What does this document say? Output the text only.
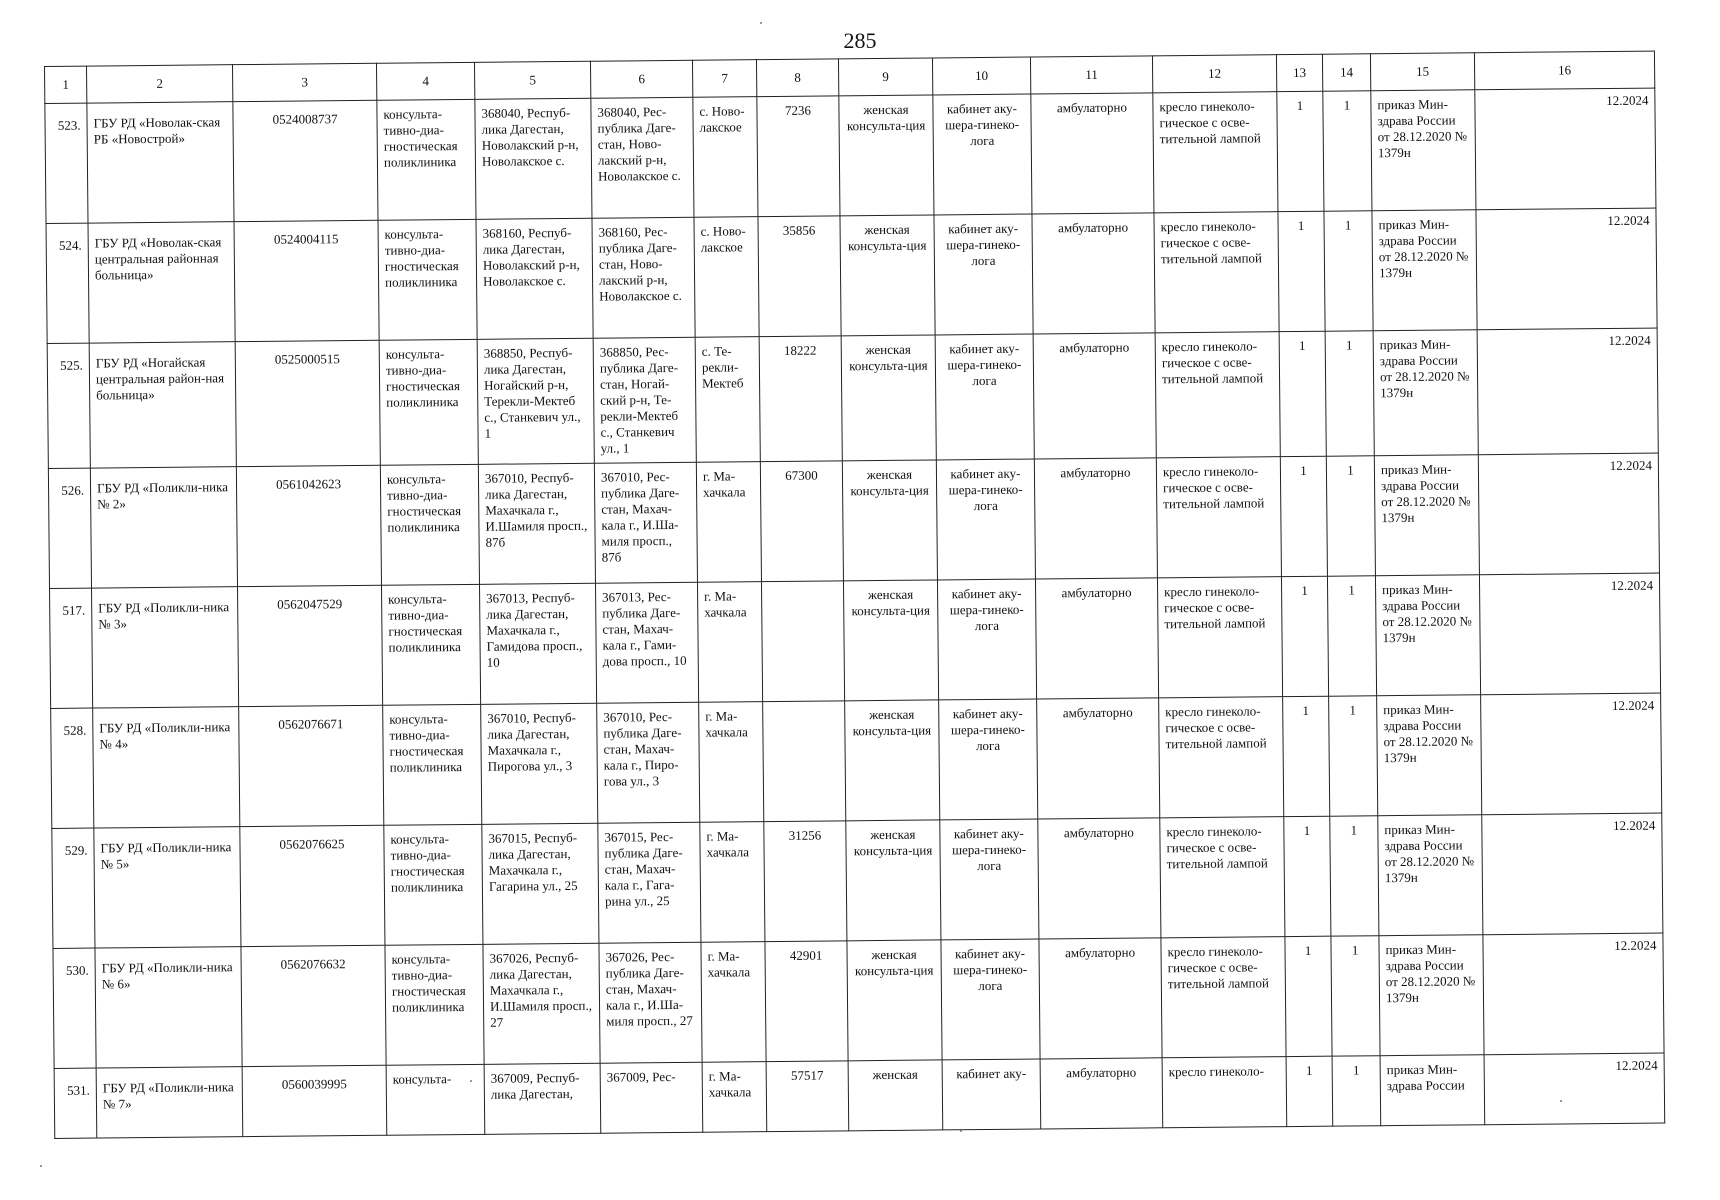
285
1	2	3	4	5	6	7	8	9	10	11	12	13	14	15	16
523.	ГБУ РД «Новолак-ская РБ «Новострой»	0524008737	консульта-тивно-диа-гностическая поликлиника	368040, Респуб-лика Дагестан, Новолакский р-н, Новолакское с.	368040, Рес-публика Даге-стан, Ново-лакский р-н, Новолакское с.	с. Ново-лакское	7236	женская консульта-ция	кабинет аку-шера-гинеко-лога	амбулаторно	кресло гинеколо-гическое с осве-тительной лампой	1	1	приказ Мин-здрава России от 28.12.2020 № 1379н	12.2024
524.	ГБУ РД «Новолак-ская центральная районная больница»	0524004115	консульта-тивно-диа-гностическая поликлиника	368160, Респуб-лика Дагестан, Новолакский р-н, Новолакское с.	368160, Рес-публика Даге-стан, Ново-лакский р-н, Новолакское с.	с. Ново-лакское	35856	женская консульта-ция	кабинет аку-шера-гинеко-лога	амбулаторно	кресло гинеколо-гическое с осве-тительной лампой	1	1	приказ Мин-здрава России от 28.12.2020 № 1379н	12.2024
525.	ГБУ РД «Ногайская центральная район-ная больница»	0525000515	консульта-тивно-диа-гностическая поликлиника	368850, Респуб-лика Дагестан, Ногайский р-н, Терекли-Мектеб с., Станкевич ул., 1	368850, Рес-публика Даге-стан, Ногай-ский р-н, Те-рекли-Мектеб с., Станкевич ул., 1	с. Те-рекли-Мектеб	18222	женская консульта-ция	кабинет аку-шера-гинеко-лога	амбулаторно	кресло гинеколо-гическое с осве-тительной лампой	1	1	приказ Мин-здрава России от 28.12.2020 № 1379н	12.2024
526.	ГБУ РД «Поликли-ника № 2»	0561042623	консульта-тивно-диа-гностическая поликлиника	367010, Респуб-лика Дагестан, Махачкала г., И.Шамиля просп., 87б	367010, Рес-публика Даге-стан, Махач-кала г., И.Ша-миля просп., 87б	г. Ма-хачкала	67300	женская консульта-ция	кабинет аку-шера-гинеко-лога	амбулаторно	кресло гинеколо-гическое с осве-тительной лампой	1	1	приказ Мин-здрава России от 28.12.2020 № 1379н	12.2024
517.	ГБУ РД «Поликли-ника № 3»	0562047529	консульта-тивно-диа-гностическая поликлиника	367013, Респуб-лика Дагестан, Махачкала г., Гамидова просп., 10	367013, Рес-публика Даге-стан, Махач-кала г., Гами-дова просп., 10	г. Ма-хачкала		женская консульта-ция	кабинет аку-шера-гинеко-лога	амбулаторно	кресло гинеколо-гическое с осве-тительной лампой	1	1	приказ Мин-здрава России от 28.12.2020 № 1379н	12.2024
528.	ГБУ РД «Поликли-ника № 4»	0562076671	консульта-тивно-диа-гностическая поликлиника	367010, Респуб-лика Дагестан, Махачкала г., Пирогова ул., 3	367010, Рес-публика Даге-стан, Махач-кала г., Пиро-гова ул., 3	г. Ма-хачкала		женская консульта-ция	кабинет аку-шера-гинеко-лога	амбулаторно	кресло гинеколо-гическое с осве-тительной лампой	1	1	приказ Мин-здрава России от 28.12.2020 № 1379н	12.2024
529.	ГБУ РД «Поликли-ника № 5»	0562076625	консульта-тивно-диа-гностическая поликлиника	367015, Респуб-лика Дагестан, Махачкала г., Гагарина ул., 25	367015, Рес-публика Даге-стан, Махач-кала г., Гага-рина ул., 25	г. Ма-хачкала	31256	женская консульта-ция	кабинет аку-шера-гинеко-лога	амбулаторно	кресло гинеколо-гическое с осве-тительной лампой	1	1	приказ Мин-здрава России от 28.12.2020 № 1379н	12.2024
530.	ГБУ РД «Поликли-ника № 6»	0562076632	консульта-тивно-диа-гностическая поликлиника	367026, Респуб-лика Дагестан, Махачкала г., И.Шамиля просп., 27	367026, Рес-публика Даге-стан, Махач-кала г., И.Ша-миля просп., 27	г. Ма-хачкала	42901	женская консульта-ция	кабинет аку-шера-гинеко-лога	амбулаторно	кресло гинеколо-гическое с осве-тительной лампой	1	1	приказ Мин-здрава России от 28.12.2020 № 1379н	12.2024
531.	ГБУ РД «Поликли-ника № 7»	0560039995	консульта-	367009, Респуб-лика Дагестан,	367009, Рес-	г. Ма-хачкала	57517	женская	кабинет аку-	амбулаторно	кресло гинеколо-	1	1	приказ Мин-здрава России	12.2024
